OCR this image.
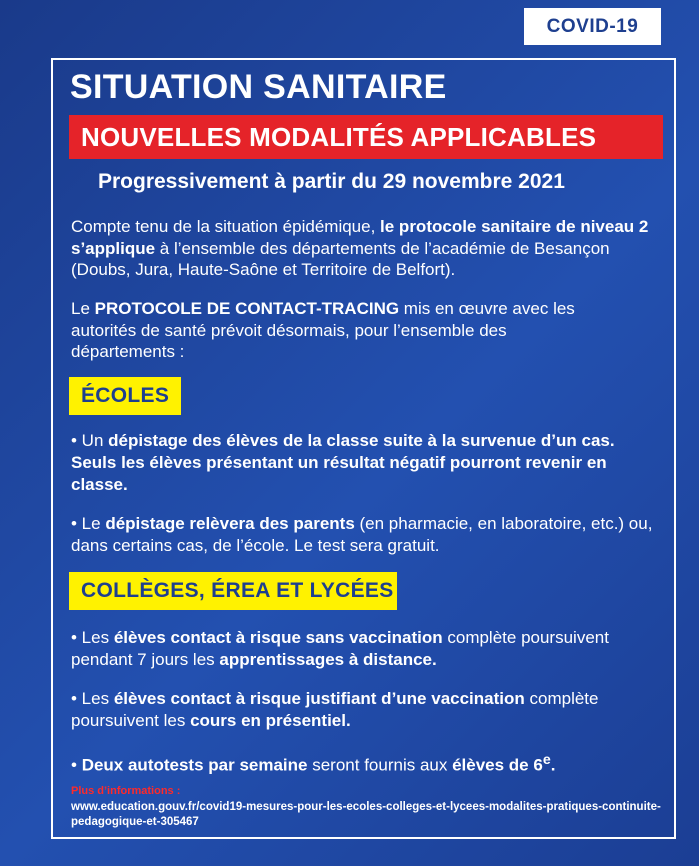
COVID-19
SITUATION SANITAIRE
NOUVELLES MODALITÉS APPLICABLES

Progressivement à partir du 29 novembre 2021

Compte tenu de la situation épidémique, le protocole sanitaire de niveau 2 s’applique à l’ensemble des départements de l’académie de Besançon (Doubs, Jura, Haute-Saône et Territoire de Belfort).

Le PROTOCOLE DE CONTACT-TRACING mis en œuvre avec les autorités de santé prévoit désormais, pour l’ensemble des départements :

ÉCOLES

• Un dépistage des élèves de la classe suite à la survenue d’un cas. Seuls les élèves présentant un résultat négatif pourront revenir en classe.

• Le dépistage relèvera des parents (en pharmacie, en laboratoire, etc.) ou, dans certains cas, de l’école. Le test sera gratuit.

COLLÈGES, ÉREA ET LYCÉES

• Les élèves contact à risque sans vaccination complète poursuivent pendant 7 jours les apprentissages à distance.

• Les élèves contact à risque justifiant d’une vaccination complète poursuivent les cours en présentiel.

• Deux autotests par semaine seront fournis aux élèves de 6e.

Plus d’informations :

www.education.gouv.fr/covid19-mesures-pour-les-ecoles-colleges-et-lycees-modalites-pratiques-continuite-pedagogique-et-305467
